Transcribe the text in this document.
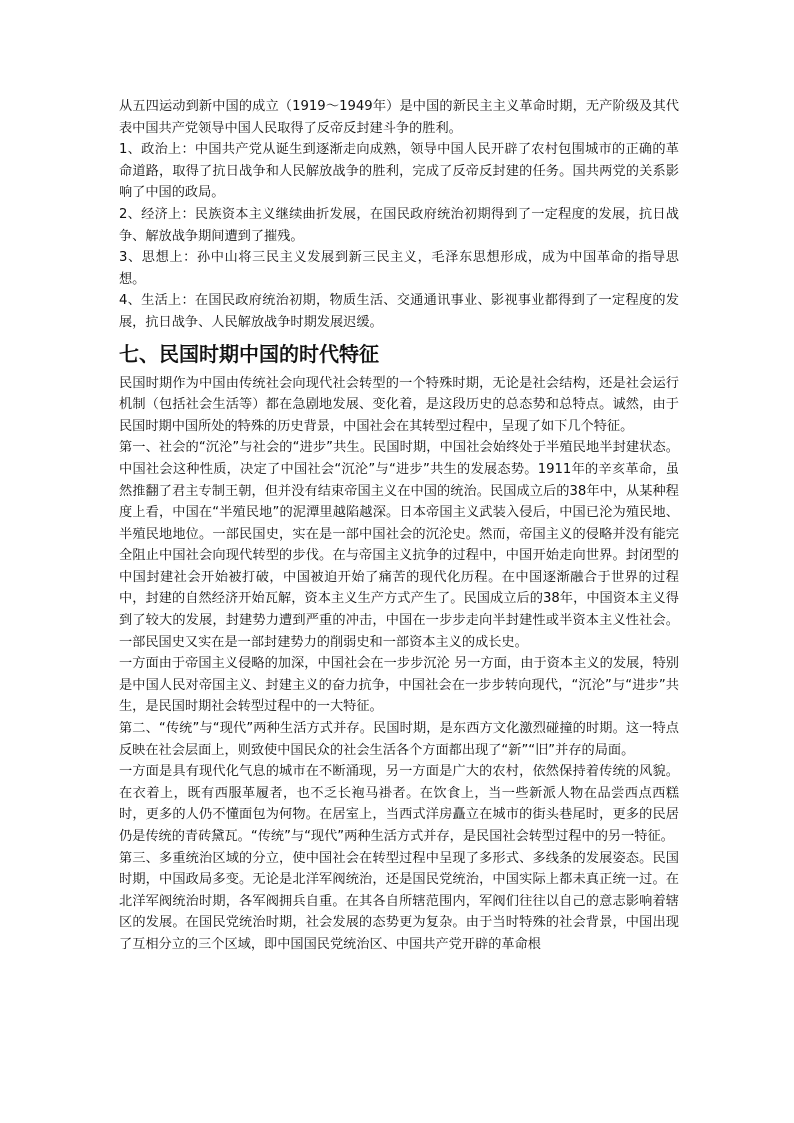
从五四运动到新中国的成立（1919～1949年）是中国的新民主主义革命时期，无产阶级及其代表中国共产党领导中国人民取得了反帝反封建斗争的胜利。

1、政治上：中国共产党从诞生到逐渐走向成熟，领导中国人民开辟了农村包围城市的正确的革命道路，取得了抗日战争和人民解放战争的胜利，完成了反帝反封建的任务。国共两党的关系影响了中国的政局。

2、经济上：民族资本主义继续曲折发展，在国民政府统治初期得到了一定程度的发展，抗日战争、解放战争期间遭到了摧残。

3、思想上：孙中山将三民主义发展到新三民主义，毛泽东思想形成，成为中国革命的指导思想。

4、生活上：在国民政府统治初期，物质生活、交通通讯事业、影视事业都得到了一定程度的发展，抗日战争、人民解放战争时期发展迟缓。

七、民国时期中国的时代特征

民国时期作为中国由传统社会向现代社会转型的一个特殊时期，无论是社会结构，还是社会运行机制（包括社会生活等）都在急剧地发展、变化着，是这段历史的总态势和总特点。诚然，由于民国时期中国所处的特殊的历史背景，中国社会在其转型过程中，呈现了如下几个特征。

第一、社会的“沉沦”与社会的“进步”共生。民国时期，中国社会始终处于半殖民地半封建状态。中国社会这种性质，决定了中国社会“沉沦”与“进步”共生的发展态势。1911年的辛亥革命，虽然推翻了君主专制王朝，但并没有结束帝国主义在中国的统治。民国成立后的38年中，从某种程度上看，中国在“半殖民地”的泥潭里越陷越深。日本帝国主义武装入侵后，中国已沦为殖民地、半殖民地地位。一部民国史，实在是一部中国社会的沉沦史。然而，帝国主义的侵略并没有能完全阻止中国社会向现代转型的步伐。在与帝国主义抗争的过程中，中国开始走向世界。封闭型的中国封建社会开始被打破，中国被迫开始了痛苦的现代化历程。在中国逐渐融合于世界的过程中，封建的自然经济开始瓦解，资本主义生产方式产生了。民国成立后的38年，中国资本主义得到了较大的发展，封建势力遭到严重的冲击，中国在一步步走向半封建性或半资本主义性社会。一部民国史又实在是一部封建势力的削弱史和一部资本主义的成长史。

一方面由于帝国主义侵略的加深，中国社会在一步步沉沦 另一方面，由于资本主义的发展，特别是中国人民对帝国主义、封建主义的奋力抗争，中国社会在一步步转向现代，“沉沦”与“进步”共生，是民国时期社会转型过程中的一大特征。

第二、“传统”与“现代”两种生活方式并存。民国时期，是东西方文化激烈碰撞的时期。这一特点反映在社会层面上，则致使中国民众的社会生活各个方面都出现了“新”“旧”并存的局面。

一方面是具有现代化气息的城市在不断涌现，另一方面是广大的农村，依然保持着传统的风貌。在衣着上，既有西服革履者，也不乏长袍马褂者。在饮食上，当一些新派人物在品尝西点西糕时，更多的人仍不懂面包为何物。在居室上，当西式洋房矗立在城市的街头巷尾时，更多的民居仍是传统的青砖黛瓦。“传统”与“现代”两种生活方式并存，是民国社会转型过程中的另一特征。

第三、多重统治区域的分立，使中国社会在转型过程中呈现了多形式、多线条的发展姿态。民国时期，中国政局多变。无论是北洋军阀统治，还是国民党统治，中国实际上都未真正统一过。在北洋军阀统治时期，各军阀拥兵自重。在其各自所辖范围内，军阀们往往以自己的意志影响着辖区的发展。在国民党统治时期，社会发展的态势更为复杂。由于当时特殊的社会背景，中国出现了互相分立的三个区域，即中国国民党统治区、中国共产党开辟的革命根
